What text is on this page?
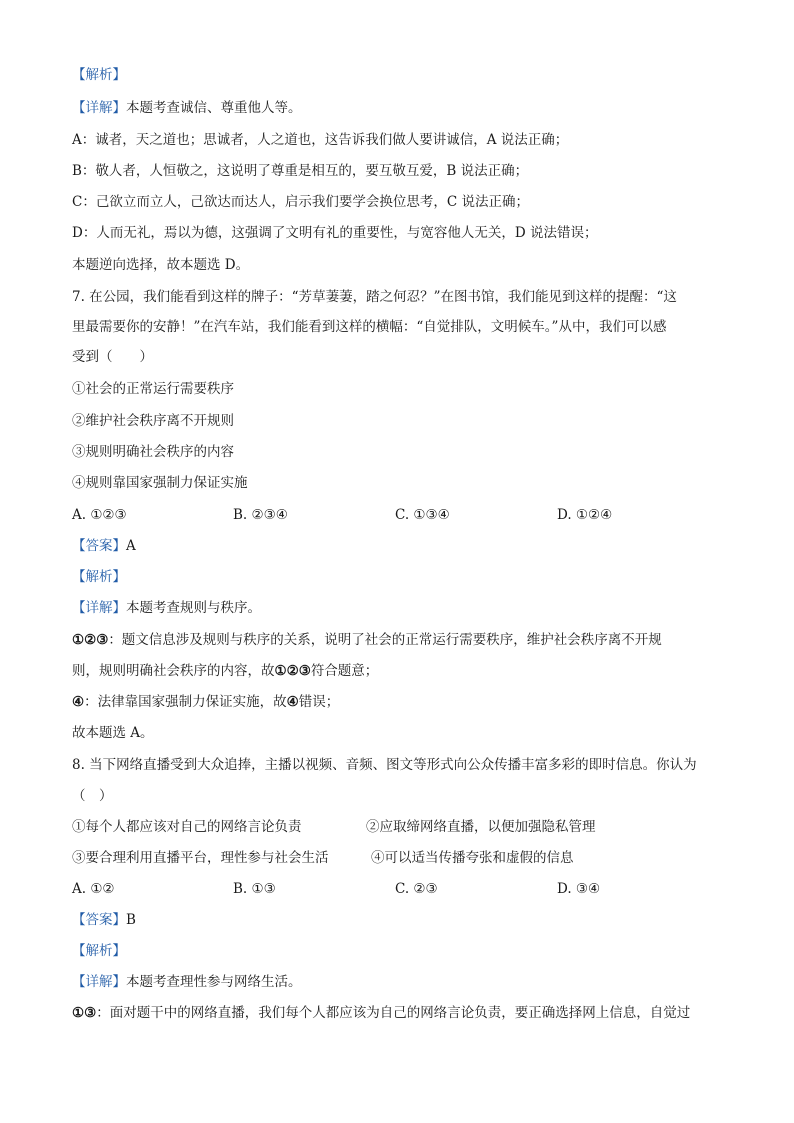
【解析】
【详解】本题考查诚信、尊重他人等。
A：诚者，天之道也；思诚者，人之道也，这告诉我们做人要讲诚信，A 说法正确；
B：敬人者，人恒敬之，这说明了尊重是相互的，要互敬互爱，B 说法正确；
C：己欲立而立人，己欲达而达人，启示我们要学会换位思考，C 说法正确；
D：人而无礼，焉以为德，这强调了文明有礼的重要性，与宽容他人无关，D 说法错误；
本题逆向选择，故本题选 D。
7. 在公园，我们能看到这样的牌子：“芳草萋萋，踏之何忍？”在图书馆，我们能见到这样的提醒：“这
里最需要你的安静！”在汽车站，我们能看到这样的横幅：“自觉排队，文明候车。”从中，我们可以感
受到（　　）
①社会的正常运行需要秩序
②维护社会秩序离不开规则
③规则明确社会秩序的内容
④规则靠国家强制力保证实施
A. ①②③	B. ②③④	C. ①③④	D. ①②④
【答案】A
【解析】
【详解】本题考查规则与秩序。
①②③：题文信息涉及规则与秩序的关系，说明了社会的正常运行需要秩序，维护社会秩序离不开规
则，规则明确社会秩序的内容，故①②③符合题意；
④：法律靠国家强制力保证实施，故④错误；
故本题选 A。
8. 当下网络直播受到大众追捧，主播以视频、音频、图文等形式向公众传播丰富多彩的即时信息。你认为
（　）
①每个人都应该对自己的网络言论负责	②应取缔网络直播，以便加强隐私管理
③要合理利用直播平台，理性参与社会生活	④可以适当传播夸张和虚假的信息
A. ①②	B. ①③	C. ②③	D. ③④
【答案】B
【解析】
【详解】本题考查理性参与网络生活。
①③：面对题干中的网络直播，我们每个人都应该为自己的网络言论负责，要正确选择网上信息，自觉过
